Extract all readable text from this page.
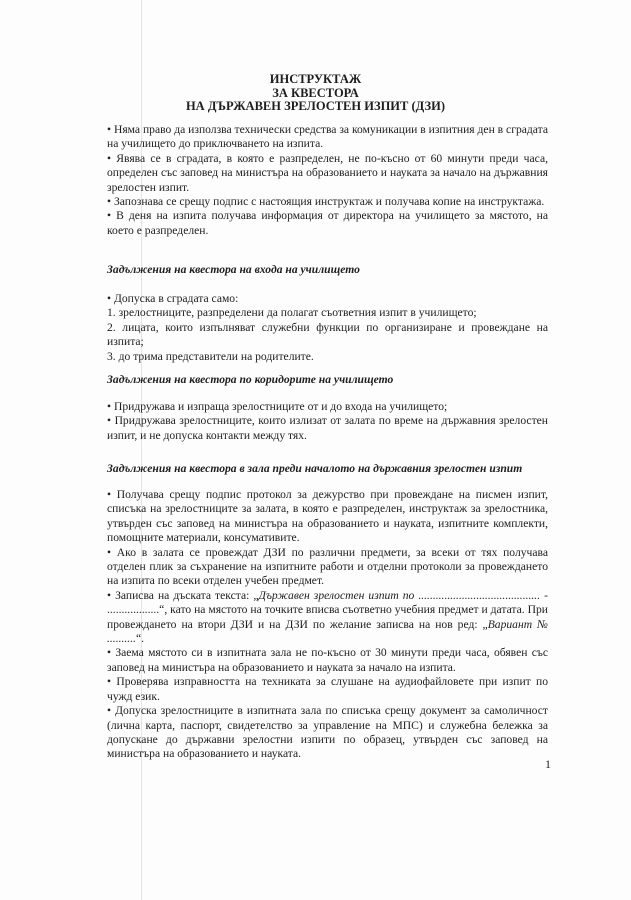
ИНСТРУКТАЖ
ЗА КВЕСТОРА
НА ДЪРЖАВЕН ЗРЕЛОСТЕН ИЗПИТ (ДЗИ)

• Няма право да използва технически средства за комуникации в изпитния ден в сградата на училището до приключването на изпита.

• Явява се в сградата, в която е разпределен, не по-късно от 60 минути преди часа, определен със заповед на министъра на образованието и науката за начало на държавния зрелостен изпит.

• Запознава се срещу подпис с настоящия инструктаж и получава копие на инструктажа.

• В деня на изпита получава информация от директора на училището за мястото, на което е разпределен.

Задължения на квестора на входа на училището

• Допуска в сградата само:

1. зрелостниците, разпределени да полагат съответния изпит в училището;

2. лицата, които изпълняват служебни функции по организиране и провеждане на изпита;

3. до трима представители на родителите.

Задължения на квестора по коридорите на училището

• Придружава и изпраща зрелостниците от и до входа на училището;

• Придружава зрелостниците, които излизат от залата по време на държавния зрелостен изпит, и не допуска контакти между тях.

Задължения на квестора в зала преди началото на държавния зрелостен изпит

• Получава срещу подпис протокол за дежурство при провеждане на писмен изпит, списъка на зрелостниците за залата, в която е разпределен, инструктаж за зрелостника, утвърден със заповед на министъра на образованието и науката, изпитните комплекти, помощните материали, консумативите.

• Ако в залата се провеждат ДЗИ по различни предмети, за всеки от тях получава отделен плик за съхранение на изпитните работи и отделни протоколи за провеждането на изпита по всеки отделен учебен предмет.

• Записва на дъската текста: „Държавен зрелостен изпит по .......................................... - ..................“, като на мястото на точките вписва съответно учебния предмет и датата. При провеждането на втори ДЗИ и на ДЗИ по желание записва на нов ред: „Вариант № ..........“.

• Заема мястото си в изпитната зала не по-късно от 30 минути преди часа, обявен със заповед на министъра на образованието и науката за начало на изпита.

• Проверява изправността на техниката за слушане на аудиофайловете при изпит по чужд език.

• Допуска зрелостниците в изпитната зала по списъка срещу документ за самоличност (лична карта, паспорт, свидетелство за управление на МПС) и служебна бележка за допускане до държавни зрелостни изпити по образец, утвърден със заповед на министъра на образованието и науката.

1
